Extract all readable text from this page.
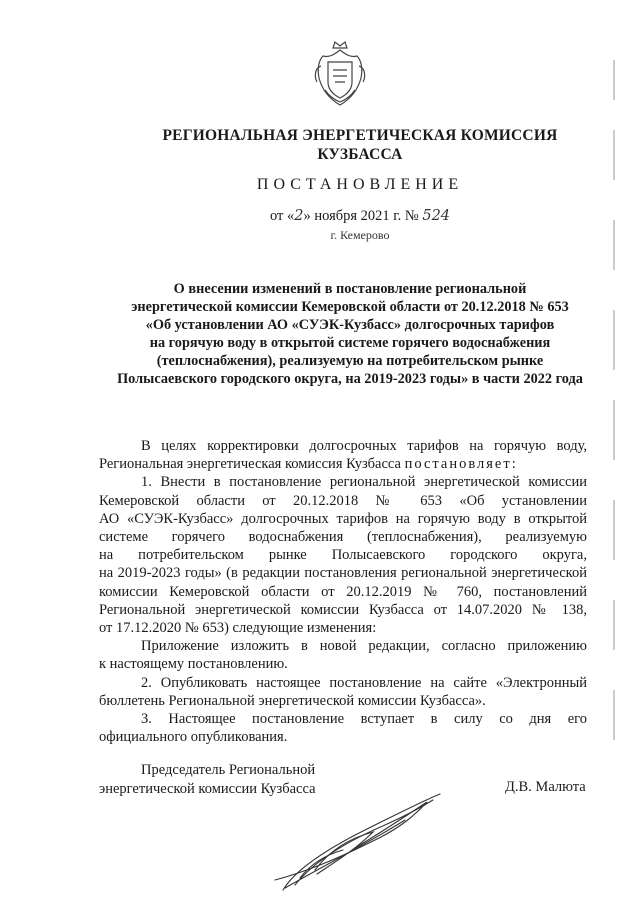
РЕГИОНАЛЬНАЯ ЭНЕРГЕТИЧЕСКАЯ КОМИССИЯ
КУЗБАССА
ПОСТАНОВЛЕНИЕ
от «2» ноября 2021 г. № 524
г. Кемерово
О внесении изменений в постановление региональной
энергетической комиссии Кемеровской области от 20.12.2018 № 653
«Об установлении АО «СУЭК-Кузбасс» долгосрочных тарифов
на горячую воду в открытой системе горячего водоснабжения
(теплоснабжения), реализуемую на потребительском рынке
Полысаевского городского округа, на 2019-2023 годы» в части 2022 года
В целях корректировки долгосрочных тарифов на горячую воду,
Региональная энергетическая комиссия Кузбасса постановляет:
1. Внести в постановление региональной энергетической комиссии
Кемеровской области от 20.12.2018 № 653 «Об установлении
АО «СУЭК-Кузбасс» долгосрочных тарифов на горячую воду в открытой
системе горячего водоснабжения (теплоснабжения), реализуемую
на потребительском рынке Полысаевского городского округа,
на 2019-2023 годы» (в редакции постановления региональной энергетической
комиссии Кемеровской области от 20.12.2019 № 760, постановлений
Региональной энергетической комиссии Кузбасса от 14.07.2020 № 138,
от 17.12.2020 № 653) следующие изменения:
Приложение изложить в новой редакции, согласно приложению
к настоящему постановлению.
2. Опубликовать настоящее постановление на сайте «Электронный
бюллетень Региональной энергетической комиссии Кузбасса».
3. Настоящее постановление вступает в силу со дня его
официального опубликования.
Председатель Региональной
энергетической комиссии Кузбасса	Д.В. Малюта
